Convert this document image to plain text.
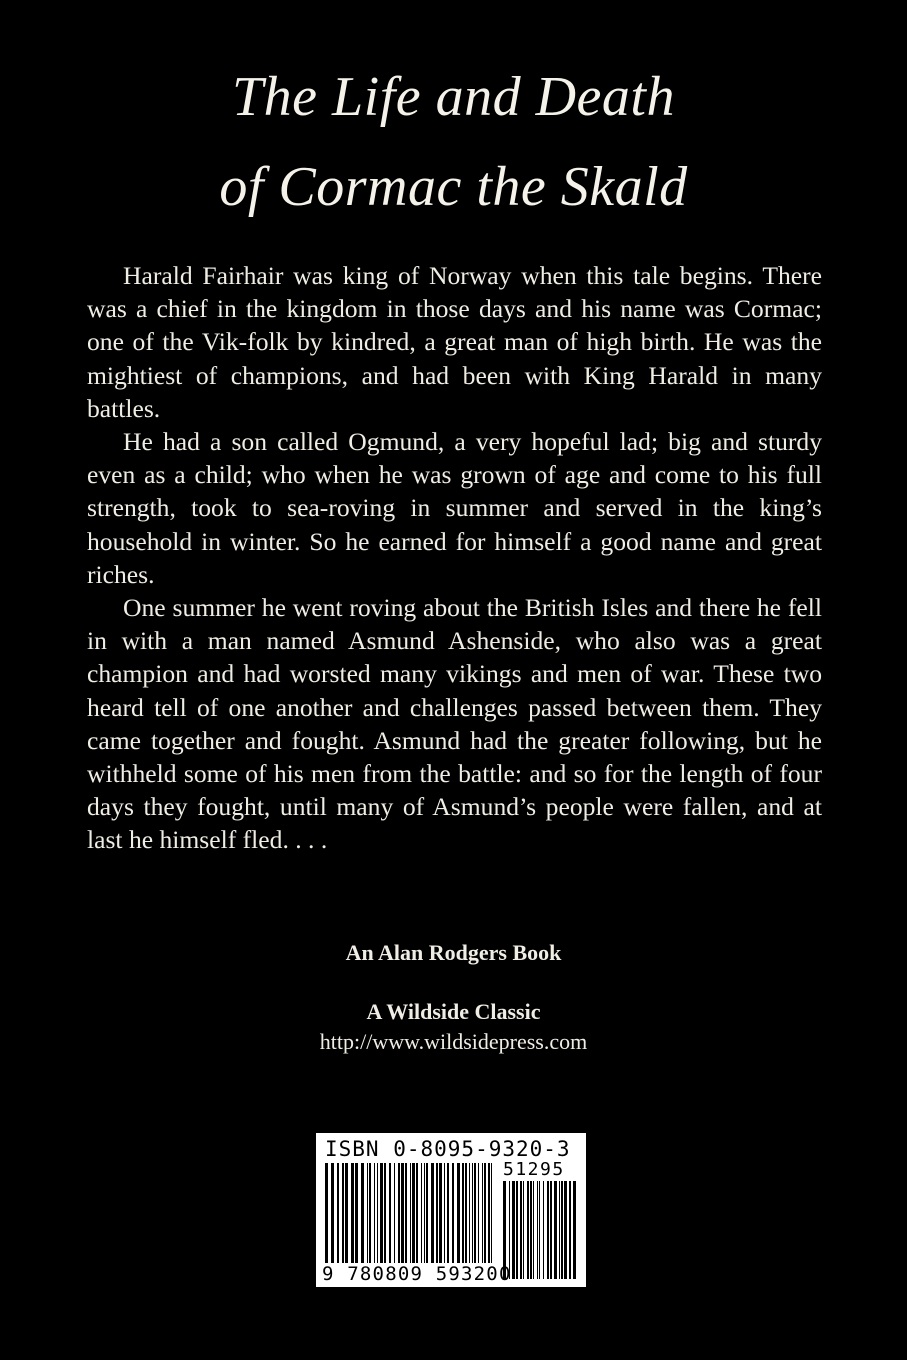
The Life and Death
of Cormac the Skald

Harald Fairhair was king of Norway when this tale begins. There was a chief in the kingdom in those days and his name was Cormac; one of the Vik-folk by kindred, a great man of high birth. He was the mightiest of champions, and had been with King Harald in many battles.

He had a son called Ogmund, a very hopeful lad; big and sturdy even as a child; who when he was grown of age and come to his full strength, took to sea-roving in summer and served in the king’s household in winter. So he earned for himself a good name and great riches.

One summer he went roving about the British Isles and there he fell in with a man named Asmund Ashenside, who also was a great champion and had worsted many vikings and men of war. These two heard tell of one another and challenges passed between them. They came together and fought. Asmund had the greater following, but he withheld some of his men from the battle: and so for the length of four days they fought, until many of Asmund’s people were fallen, and at last he himself fled. . . .

An Alan Rodgers Book
A Wildside Classic
http://www.wildsidepress.com
ISBN 0-8095-9320-3
51295
9 780809 593200
